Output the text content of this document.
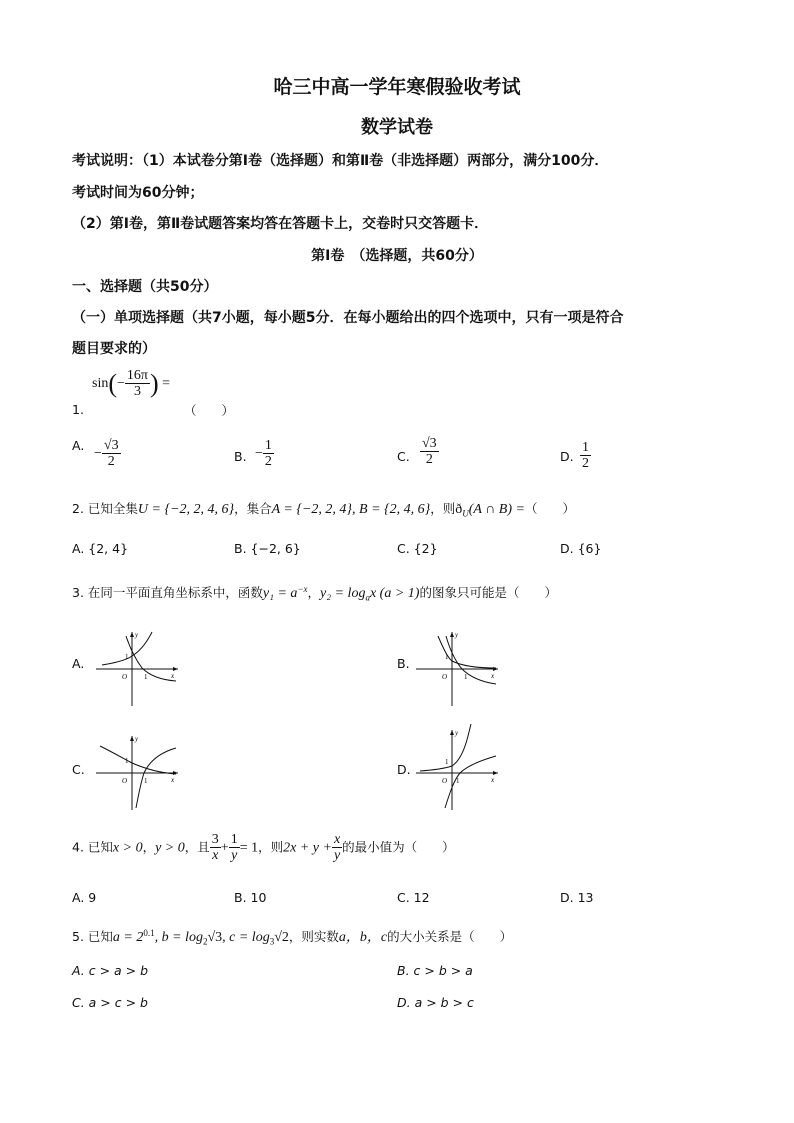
哈三中高一学年寒假验收考试
数学试卷
考试说明：（1）本试卷分第Ⅰ卷（选择题）和第Ⅱ卷（非选择题）两部分，满分100分．
考试时间为60分钟；
（2）第Ⅰ卷，第Ⅱ卷试题答案均答在答题卡上，交卷时只交答题卡．
第Ⅰ卷　（选择题，共60分）
一、选择题（共50分）
（一）单项选择题（共7小题，每小题5分．在每小题给出的四个选项中，只有一项是符合
题目要求的）
$\sin(- \frac{16\pi}{3}$ ) =
1.	（　　）
A.

− $\frac{√3}{2}$	B. − $\frac{1}{2}$	C. $\frac{√3}{2}$	D. $\frac{1}{2}$
2. 已知全集U = {−2, 2, 4, 6}，集合A = {−2, 2, 4}, B = {2, 4, 6}，则$ð_U(A$ ∩ B) =（　　）
A. {2, 4}	B. {−2, 6}	C. {2}	D. {6}
3. 在同一平面直角坐标系中，函数$y_1 = a^{-x}$，$y_2 = \log_ax$ (a > 1)的图象只可能是（　　）
A.	B.
C.	D.
y
x
O 1
1
y
x
O 1
1
y
x
O 1
1
y
x
O 1
1
4. 已知x > 0，y > 0，且 $\frac{3}{x} + \frac{1}{y} = 1$，则$2x + y + \frac{x}{y}$ 的最小值为（　　）
A. 9	B. 10	C. 12	D. 13
5. 已知$a = 2^{0.1}$, $b = \log_2√3$, $c = \log_3√2$，则实数a，b，c的大小关系是（　　）
A. c > a > b	B. c > b > a
C. a > c > b	D. a > b > c
